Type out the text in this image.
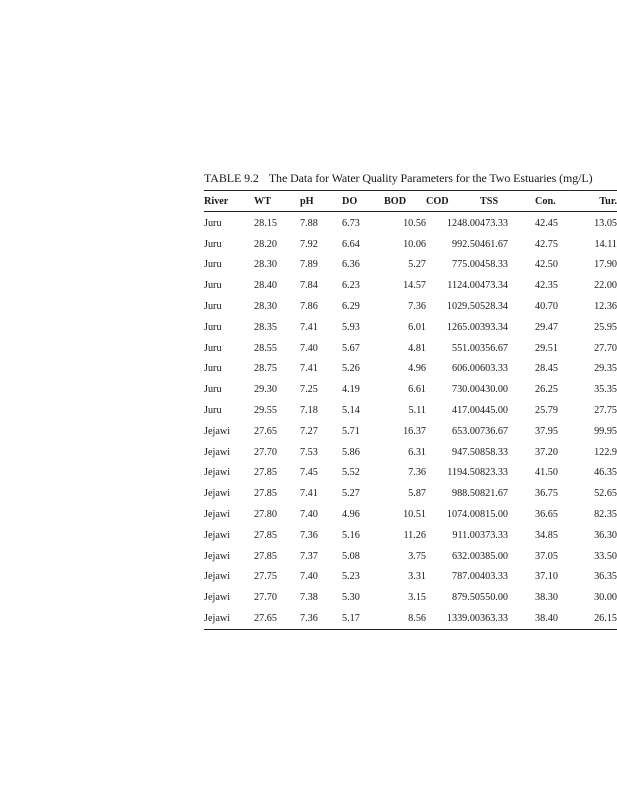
TABLE 9.2 The Data for Water Quality Parameters for the Two Estuaries (mg/L)
River	WT	pH	DO	BOD	COD	TSS	Con.	Tur.
Juru	28.15	7.88	6.73	10.56	1248.00	473.33	42.45	13.05
Juru	28.20	7.92	6.64	10.06	992.50	461.67	42.75	14.11
Juru	28.30	7.89	6.36	5.27	775.00	458.33	42.50	17.90
Juru	28.40	7.84	6.23	14.57	1124.00	473.34	42.35	22.00
Juru	28.30	7.86	6.29	7.36	1029.50	528.34	40.70	12.36
Juru	28.35	7.41	5.93	6.01	1265.00	393.34	29.47	25.95
Juru	28.55	7.40	5.67	4.81	551.00	356.67	29.51	27.70
Juru	28.75	7.41	5.26	4.96	606.00	603.33	28.45	29.35
Juru	29.30	7.25	4.19	6.61	730.00	430.00	26.25	35.35
Juru	29.55	7.18	5.14	5.11	417.00	445.00	25.79	27.75
Jejawi	27.65	7.27	5.71	16.37	653.00	736.67	37.95	99.95
Jejawi	27.70	7.53	5.86	6.31	947.50	858.33	37.20	122.9
Jejawi	27.85	7.45	5.52	7.36	1194.50	823.33	41.50	46.35
Jejawi	27.85	7.41	5.27	5.87	988.50	821.67	36.75	52.65
Jejawi	27.80	7.40	4.96	10.51	1074.00	815.00	36.65	82.35
Jejawi	27.85	7.36	5.16	11.26	911.00	373.33	34.85	36.30
Jejawi	27.85	7.37	5.08	3.75	632.00	385.00	37.05	33.50
Jejawi	27.75	7.40	5.23	3.31	787.00	403.33	37.10	36.35
Jejawi	27.70	7.38	5.30	3.15	879.50	550.00	38.30	30.00
Jejawi	27.65	7.36	5.17	8.56	1339.00	363.33	38.40	26.15
